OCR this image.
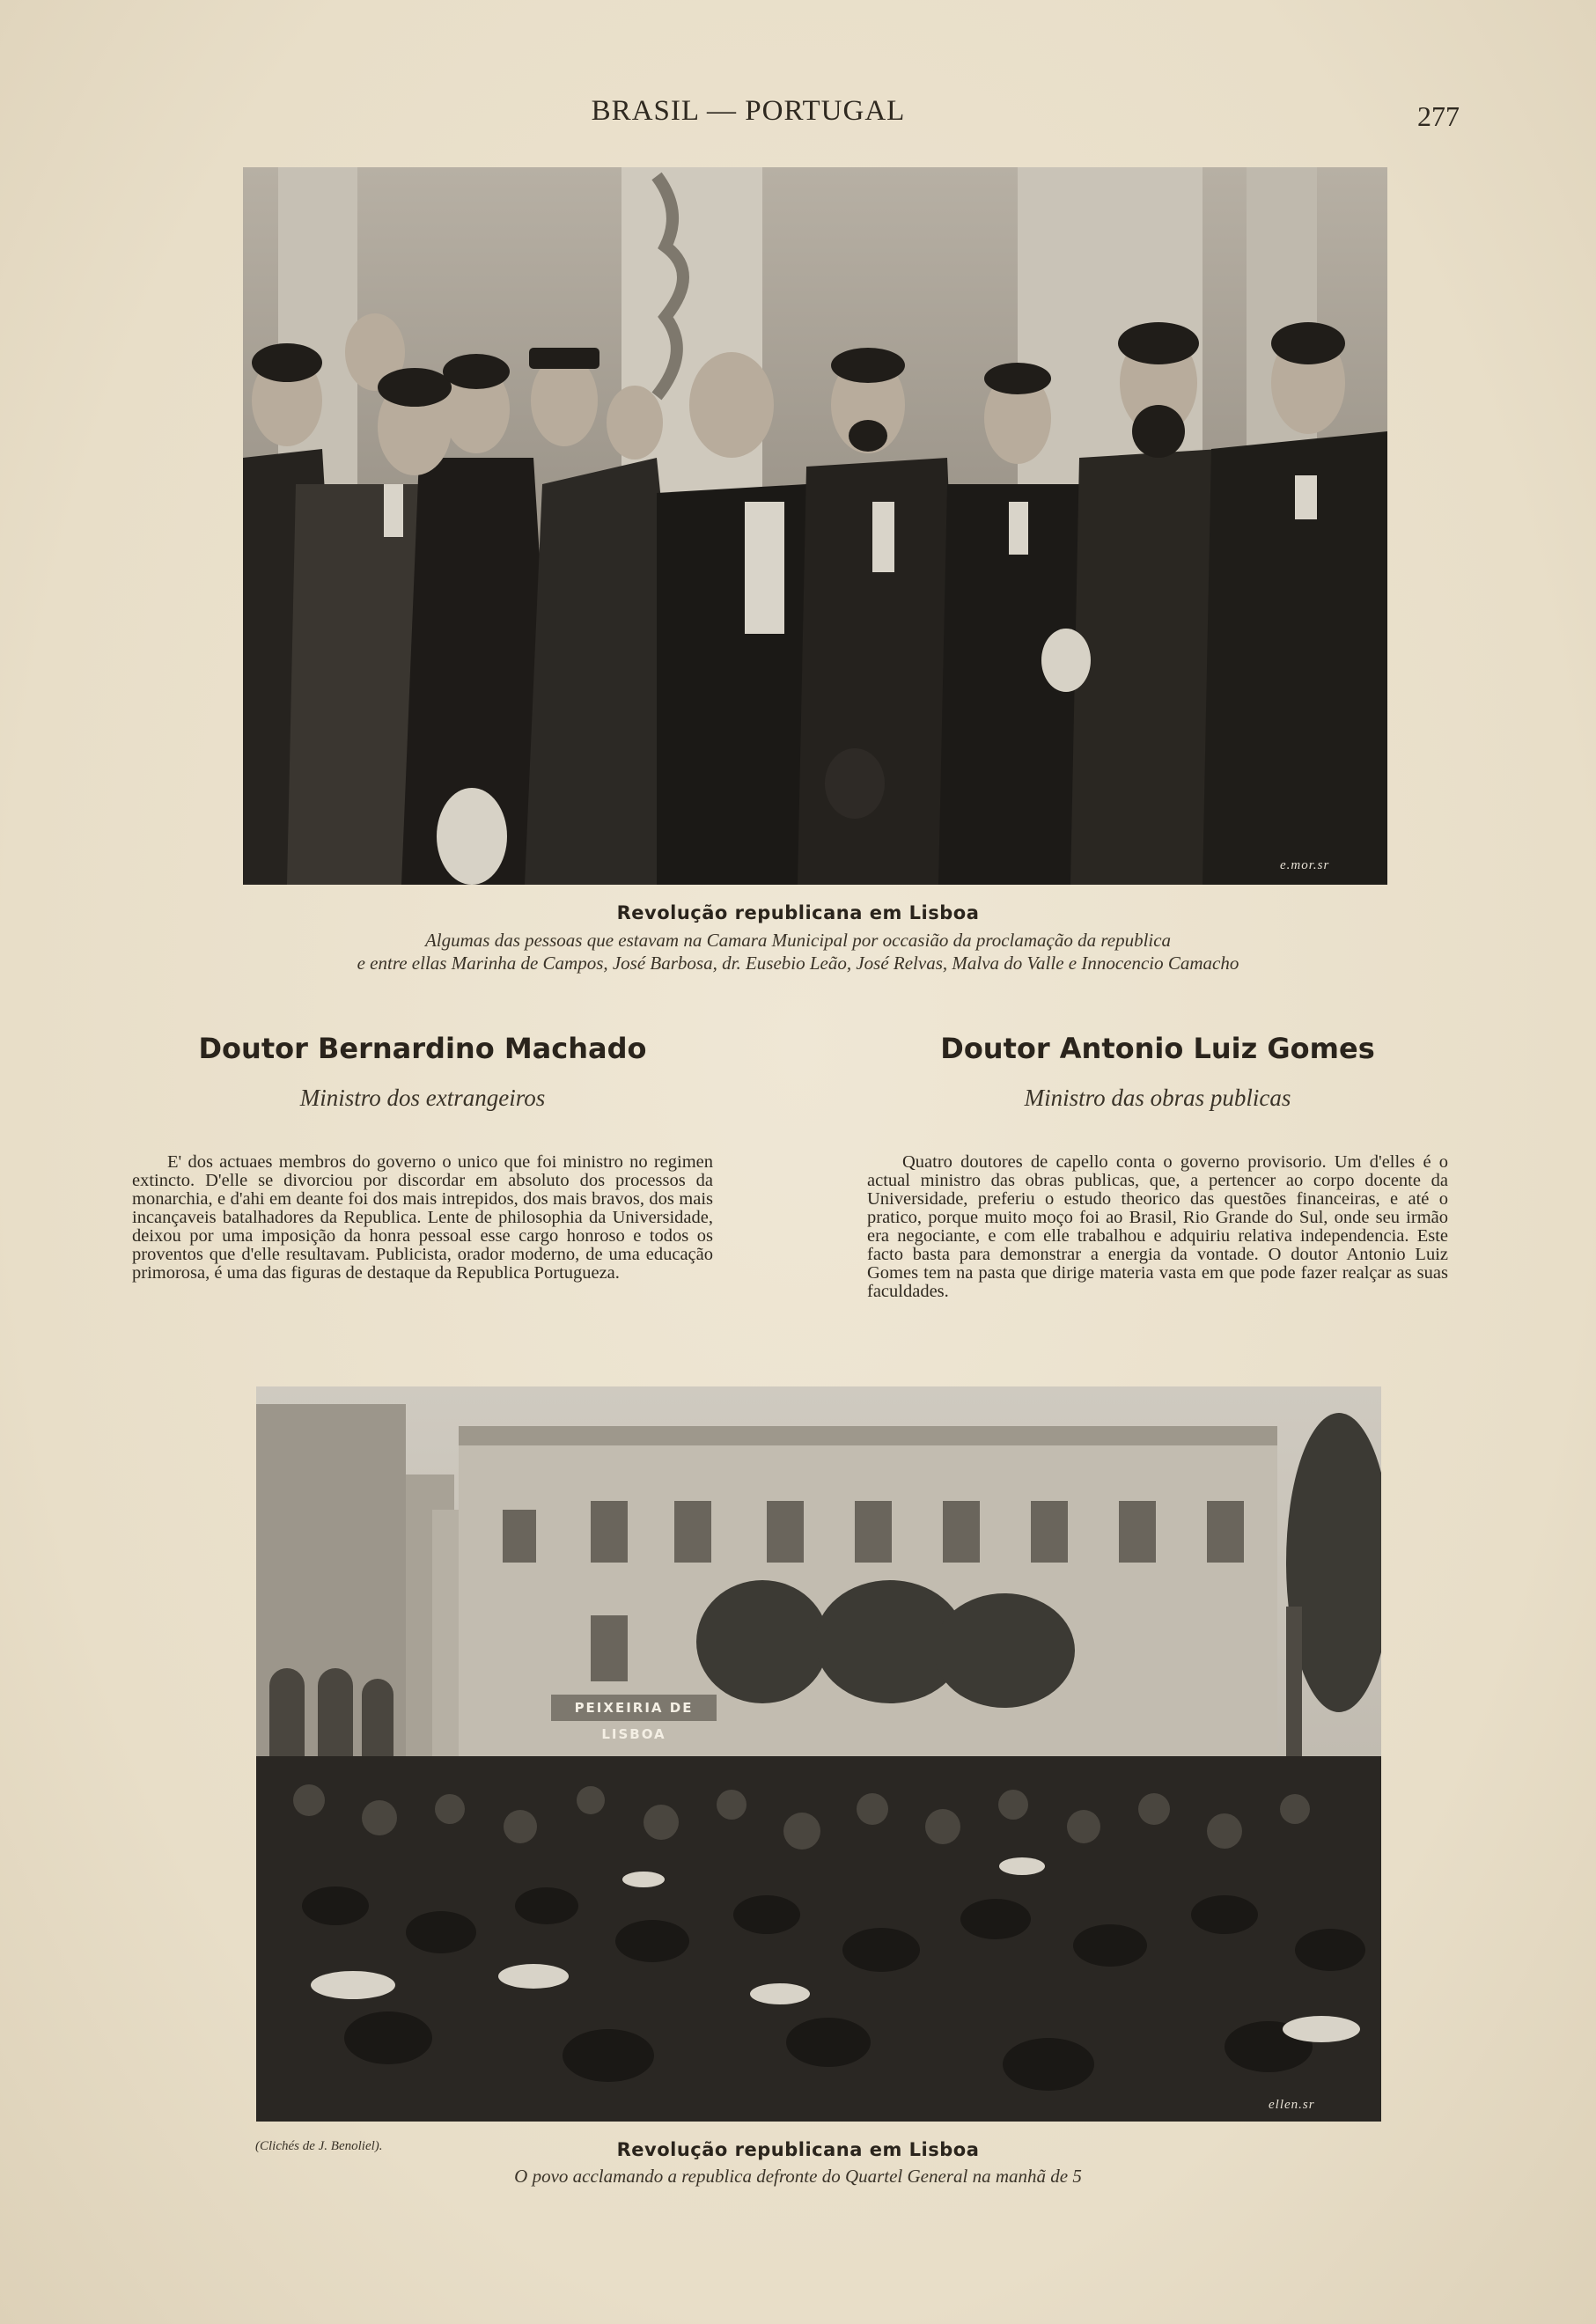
BRASIL — PORTUGAL	277
e.mor.sr
Revolução republicana em Lisboa
Algumas das pessoas que estavam na Camara Municipal por occasião da proclamação da republica
e entre ellas Marinha de Campos, José Barbosa, dr. Eusebio Leão, José Relvas, Malva do Valle e Innocencio Camacho
Doutor Bernardino Machado
Ministro dos extrangeiros
E' dos actuaes membros do governo o unico que foi ministro no regimen extincto. D'elle se divorciou por discordar em absoluto dos processos da monarchia, e d'ahi em deante foi dos mais intrepidos, dos mais bravos, dos mais incançaveis batalhadores da Republica. Lente de philosophia da Universidade, deixou por uma imposição da honra pessoal esse cargo honroso e todos os proventos que d'elle resultavam. Publicista, orador moderno, de uma educação primorosa, é uma das figuras de destaque da Republica Portugueza.
Doutor Antonio Luiz Gomes
Ministro das obras publicas
Quatro doutores de capello conta o governo provisorio. Um d'elles é o actual ministro das obras publicas, que, a pertencer ao corpo docente da Universidade, preferiu o estudo theorico das questões financeiras, e até o pratico, porque muito moço foi ao Brasil, Rio Grande do Sul, onde seu irmão era negociante, e com elle trabalhou e adquiriu relativa independencia. Este facto basta para demonstrar a energia da vontade. O doutor Antonio Luiz Gomes tem na pasta que dirige materia vasta em que pode fazer realçar as suas faculdades.
PEIXEIRIA DE LISBOA
ellen.sr
(Clichés de J. Benoliel).	Revolução republicana em Lisboa
O povo acclamando a republica defronte do Quartel General na manhã de 5
